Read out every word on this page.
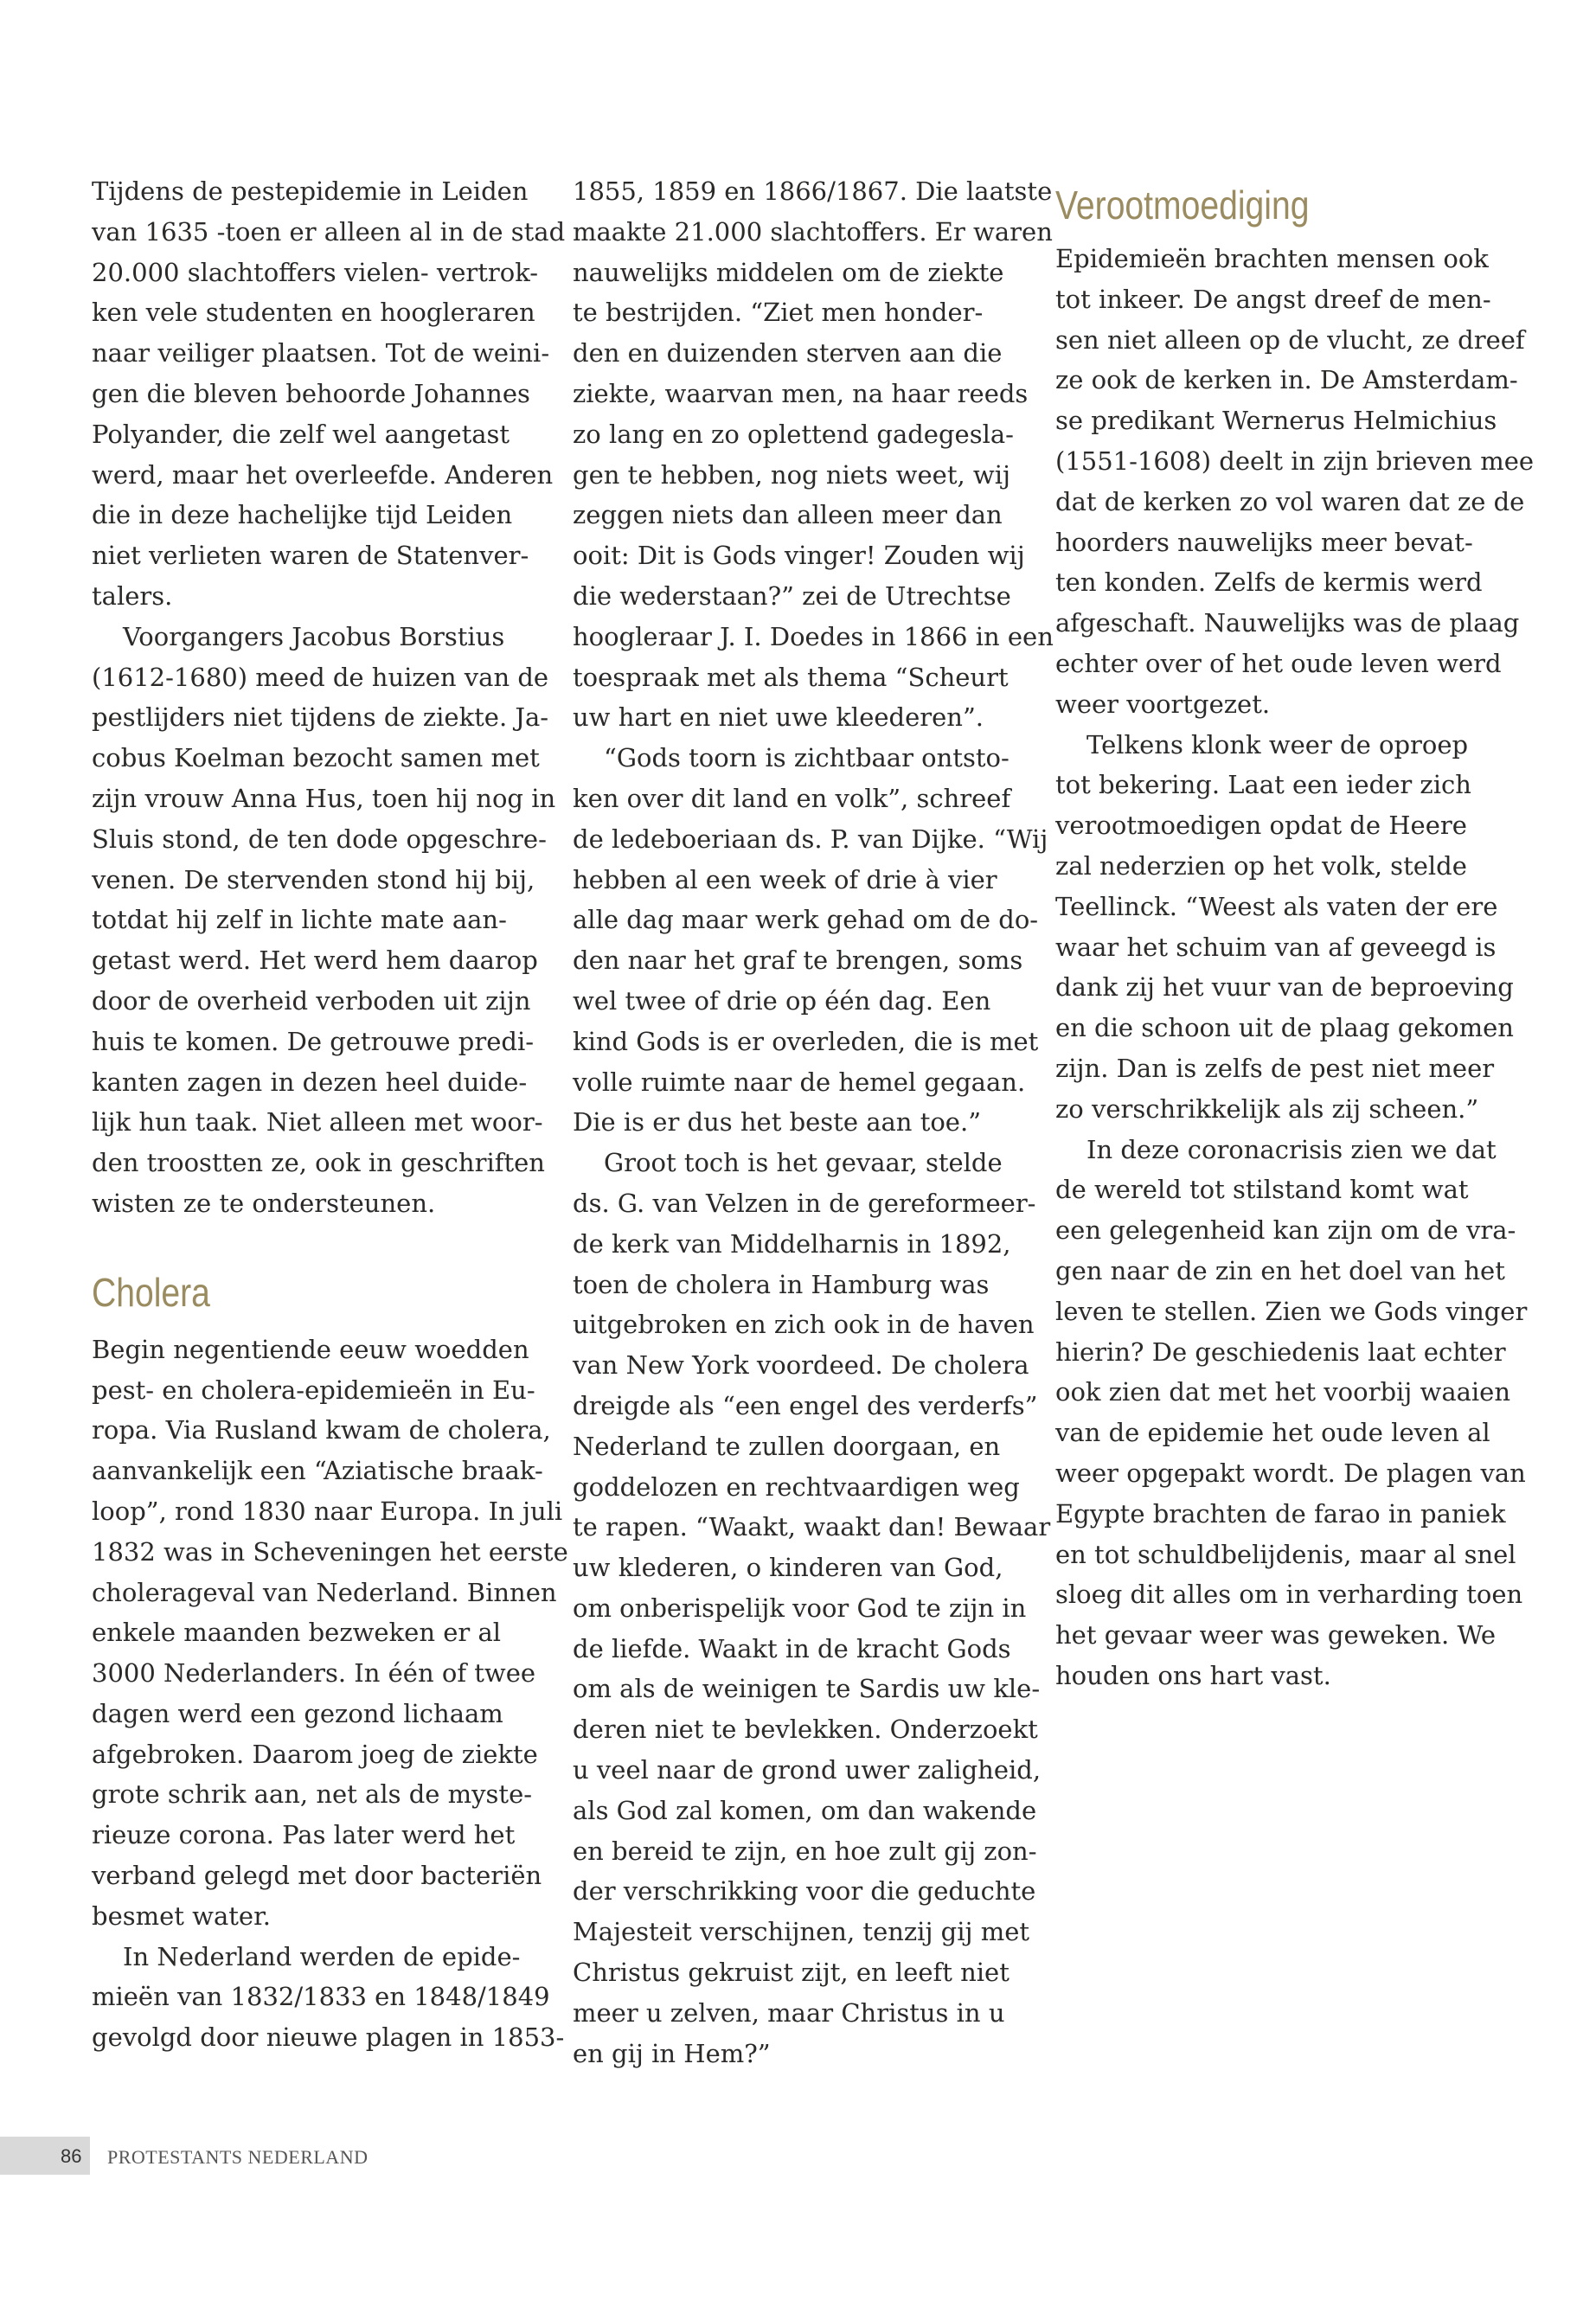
Tijdens de pestepidemie in Leiden
van 1635 -toen er alleen al in de stad
20.000 slachtoffers vielen- vertrok-
ken vele studenten en hoogleraren
naar veiliger plaatsen. Tot de weini-
gen die bleven behoorde Johannes
Polyander, die zelf wel aangetast
werd, maar het overleefde. Anderen
die in deze hachelijke tijd Leiden
niet verlieten waren de Statenver-
talers.
Voorgangers Jacobus Borstius
(1612-1680) meed de huizen van de
pestlijders niet tijdens de ziekte. Ja-
cobus Koelman bezocht samen met
zijn vrouw Anna Hus, toen hij nog in
Sluis stond, de ten dode opgeschre-
venen. De stervenden stond hij bij,
totdat hij zelf in lichte mate aan-
getast werd. Het werd hem daarop
door de overheid verboden uit zijn
huis te komen. De getrouwe predi-
kanten zagen in dezen heel duide-
lijk hun taak. Niet alleen met woor-
den troostten ze, ook in geschriften
wisten ze te ondersteunen.
Cholera
Begin negentiende eeuw woedden
pest- en cholera-epidemieën in Eu-
ropa. Via Rusland kwam de cholera,
aanvankelijk een “Aziatische braak-
loop”, rond 1830 naar Europa. In juli
1832 was in Scheveningen het eerste
cholerageval van Nederland. Binnen
enkele maanden bezweken er al
3000 Nederlanders. In één of twee
dagen werd een gezond lichaam
afgebroken. Daarom joeg de ziekte
grote schrik aan, net als de myste-
rieuze corona. Pas later werd het
verband gelegd met door bacteriën
besmet water.
In Nederland werden de epide-
mieën van 1832/1833 en 1848/1849
gevolgd door nieuwe plagen in 1853-
1855, 1859 en 1866/1867. Die laatste
maakte 21.000 slachtoffers. Er waren
nauwelijks middelen om de ziekte
te bestrijden. “Ziet men honder-
den en duizenden sterven aan die
ziekte, waarvan men, na haar reeds
zo lang en zo oplettend gadegesla-
gen te hebben, nog niets weet, wij
zeggen niets dan alleen meer dan
ooit: Dit is Gods vinger! Zouden wij
die wederstaan?” zei de Utrechtse
hoogleraar J. I. Doedes in 1866 in een
toespraak met als thema “Scheurt
uw hart en niet uwe kleederen”.
“Gods toorn is zichtbaar ontsto-
ken over dit land en volk”, schreef
de ledeboeriaan ds. P. van Dijke. “Wij
hebben al een week of drie à vier
alle dag maar werk gehad om de do-
den naar het graf te brengen, soms
wel twee of drie op één dag. Een
kind Gods is er overleden, die is met
volle ruimte naar de hemel gegaan.
Die is er dus het beste aan toe.”
Groot toch is het gevaar, stelde
ds. G. van Velzen in de gereformeer-
de kerk van Middelharnis in 1892,
toen de cholera in Hamburg was
uitgebroken en zich ook in de haven
van New York voordeed. De cholera
dreigde als “een engel des verderfs”
Nederland te zullen doorgaan, en
goddelozen en rechtvaardigen weg
te rapen. “Waakt, waakt dan! Bewaar
uw klederen, o kinderen van God,
om onberispelijk voor God te zijn in
de liefde. Waakt in de kracht Gods
om als de weinigen te Sardis uw kle-
deren niet te bevlekken. Onderzoekt
u veel naar de grond uwer zaligheid,
als God zal komen, om dan wakende
en bereid te zijn, en hoe zult gij zon-
der verschrikking voor die geduchte
Majesteit verschijnen, tenzij gij met
Christus gekruist zijt, en leeft niet
meer u zelven, maar Christus in u
en gij in Hem?”
Verootmoediging
Epidemieën brachten mensen ook
tot inkeer. De angst dreef de men-
sen niet alleen op de vlucht, ze dreef
ze ook de kerken in. De Amsterdam-
se predikant Wernerus Helmichius
(1551-1608) deelt in zijn brieven mee
dat de kerken zo vol waren dat ze de
hoorders nauwelijks meer bevat-
ten konden. Zelfs de kermis werd
afgeschaft. Nauwelijks was de plaag
echter over of het oude leven werd
weer voortgezet.
Telkens klonk weer de oproep
tot bekering. Laat een ieder zich
verootmoedigen opdat de Heere
zal nederzien op het volk, stelde
Teellinck. “Weest als vaten der ere
waar het schuim van af geveegd is
dank zij het vuur van de beproeving
en die schoon uit de plaag gekomen
zijn. Dan is zelfs de pest niet meer
zo verschrikkelijk als zij scheen.”
In deze coronacrisis zien we dat
de wereld tot stilstand komt wat
een gelegenheid kan zijn om de vra-
gen naar de zin en het doel van het
leven te stellen. Zien we Gods vinger
hierin? De geschiedenis laat echter
ook zien dat met het voorbij waaien
van de epidemie het oude leven al
weer opgepakt wordt. De plagen van
Egypte brachten de farao in paniek
en tot schuldbelijdenis, maar al snel
sloeg dit alles om in verharding toen
het gevaar weer was geweken. We
houden ons hart vast.
86 PROTESTANTS NEDERLAND
